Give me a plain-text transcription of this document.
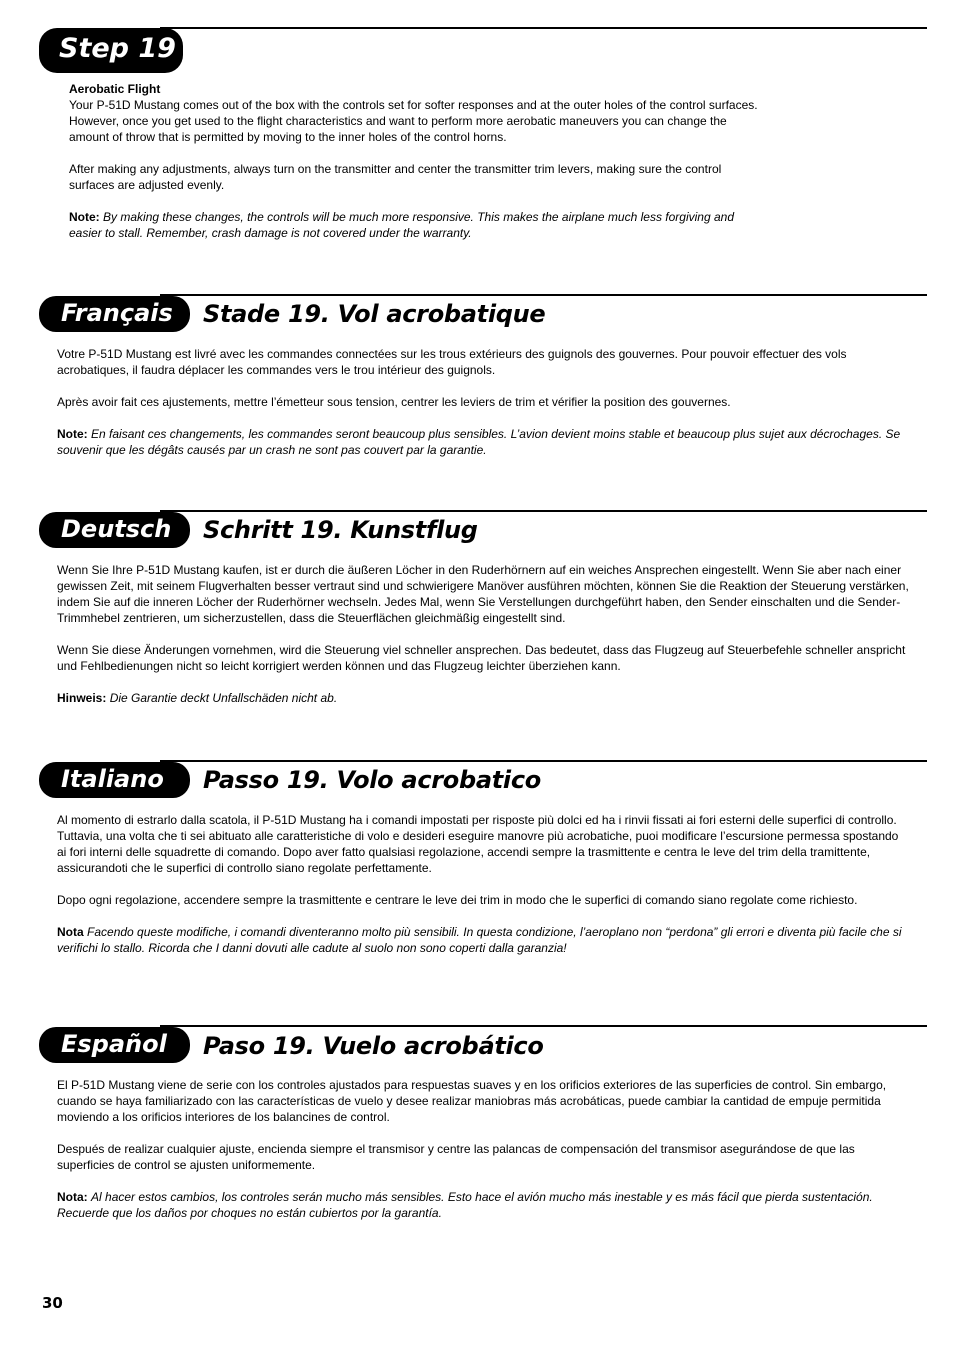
Step 19

Aerobatic Flight

Your P-51D Mustang comes out of the box with the controls set for softer responses and at the outer holes of the control surfaces. However, once you get used to the flight characteristics and want to perform more aerobatic maneuvers you can change the amount of throw that is permitted by moving to the inner holes of the control horns.

After making any adjustments, always turn on the transmitter and center the transmitter trim levers, making sure the control surfaces are adjusted evenly.

Note: By making these changes, the controls will be much more responsive. This makes the airplane much less forgiving and easier to stall. Remember, crash damage is not covered under the warranty.

Français Stade 19. Vol acrobatique

Votre P-51D Mustang est livré avec les commandes connectées sur les trous extérieurs des guignols des gouvernes. Pour pouvoir effectuer des vols acrobatiques, il faudra déplacer les commandes vers le trou intérieur des guignols.

Après avoir fait ces ajustements, mettre l’émetteur sous tension, centrer les leviers de trim et vérifier la position des gouvernes.

Note: En faisant ces changements, les commandes seront beaucoup plus sensibles. L’avion devient moins stable et beaucoup plus sujet aux décrochages. Se souvenir que les dégâts causés par un crash ne sont pas couvert par la garantie.

Deutsch Schritt 19. Kunstflug

Wenn Sie Ihre P-51D Mustang kaufen, ist er durch die äußeren Löcher in den Ruderhörnern auf ein weiches Ansprechen eingestellt. Wenn Sie aber nach einer gewissen Zeit, mit seinem Flugverhalten besser vertraut sind und schwierigere Manöver ausführen möchten, können Sie die Reaktion der Steuerung verstärken, indem Sie auf die inneren Löcher der Ruderhörner wechseln. Jedes Mal, wenn Sie Verstellungen durchgeführt haben, den Sender einschalten und die Sender-Trimmhebel zentrieren, um sicherzustellen, dass die Steuerflächen gleichmäßig eingestellt sind.

Wenn Sie diese Änderungen vornehmen, wird die Steuerung viel schneller ansprechen. Das bedeutet, dass das Flugzeug auf Steuerbefehle schneller anspricht und Fehlbedienungen nicht so leicht korrigiert werden können und das Flugzeug leichter überziehen kann.

Hinweis: Die Garantie deckt Unfallschäden nicht ab.

Italiano Passo 19. Volo acrobatico

Al momento di estrarlo dalla scatola, il P-51D Mustang ha i comandi impostati per risposte più dolci ed ha i rinvii fissati ai fori esterni delle superfici di controllo. Tuttavia, una volta che ti sei abituato alle caratteristiche di volo e desideri eseguire manovre più acrobatiche, puoi modificare l’escursione permessa spostando ai fori interni delle squadrette di comando. Dopo aver fatto qualsiasi regolazione, accendi sempre la trasmittente e centra le leve del trim della tramittente, assicurandoti che le superfici di controllo siano regolate perfettamente.

Dopo ogni regolazione, accendere sempre la trasmittente e centrare le leve dei trim in modo che le superfici di comando siano regolate come richiesto.

Nota Facendo queste modifiche, i comandi diventeranno molto più sensibili. In questa condizione, l’aeroplano non “perdona” gli errori e diventa più facile che si verifichi lo stallo. Ricorda che I danni dovuti alle cadute al suolo non sono coperti dalla garanzia!

Español Paso 19. Vuelo acrobático

El P-51D Mustang viene de serie con los controles ajustados para respuestas suaves y en los orificios exteriores de las superficies de control. Sin embargo, cuando se haya familiarizado con las características de vuelo y desee realizar maniobras más acrobáticas, puede cambiar la cantidad de empuje permitida moviendo a los orificios interiores de los balancines de control.

Después de realizar cualquier ajuste, encienda siempre el transmisor y centre las palancas de compensación del transmisor asegurándose de que las superficies de control se ajusten uniformemente.

Nota: Al hacer estos cambios, los controles serán mucho más sensibles. Esto hace el avión mucho más inestable y es más fácil que pierda sustentación. Recuerde que los daños por choques no están cubiertos por la garantía.

30
